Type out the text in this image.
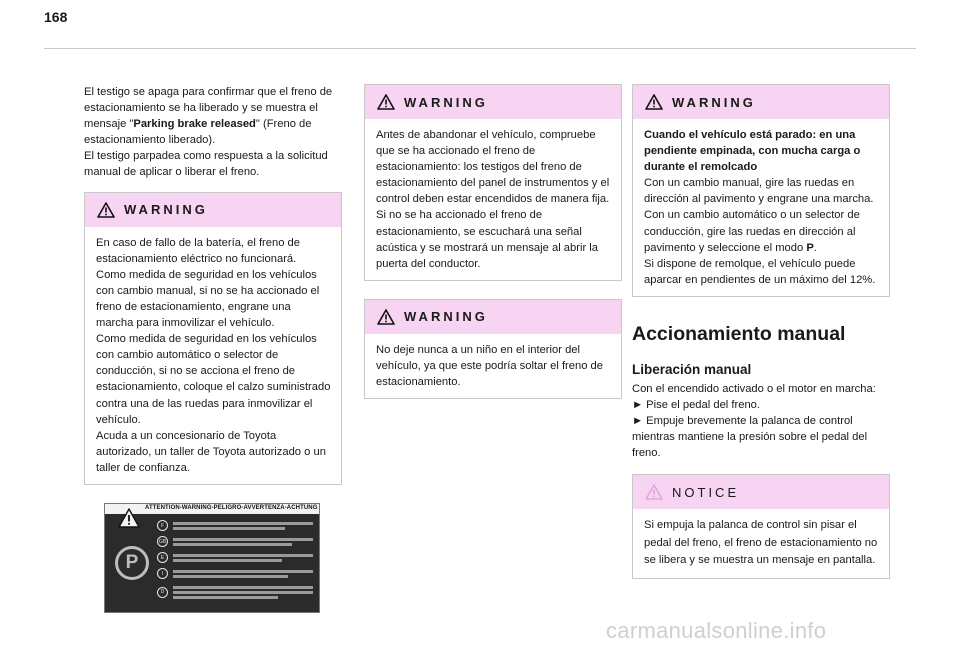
168

El testigo se apaga para confirmar que el freno de estacionamiento se ha liberado y se muestra el mensaje "Parking brake released" (Freno de estacionamiento liberado).
El testigo parpadea como respuesta a la solicitud manual de aplicar o liberar el freno.

WARNING
En caso de fallo de la batería, el freno de estacionamiento eléctrico no funcionará.
Como medida de seguridad en los vehículos con cambio manual, si no se ha accionado el freno de estacionamiento, engrane una marcha para inmovilizar el vehículo.
Como medida de seguridad en los vehículos con cambio automático o selector de conducción, si no se acciona el freno de estacionamiento, coloque el calzo suministrado contra una de las ruedas para inmovilizar el vehículo.
Acuda a un concesionario de Toyota autorizado, un taller de Toyota autorizado o un taller de confianza.
ATTENTION-WARNING-PELIGRO-AVVERTENZA-ACHTUNG
P
F
GB
E
I
D
WARNING
Antes de abandonar el vehículo, compruebe que se ha accionado el freno de estacionamiento: los testigos del freno de estacionamiento del panel de instrumentos y el control deben estar encendidos de manera fija.
Si no se ha accionado el freno de estacionamiento, se escuchará una señal acústica y se mostrará un mensaje al abrir la puerta del conductor.
WARNING
No deje nunca a un niño en el interior del vehículo, ya que este podría soltar el freno de estacionamiento.
WARNING
Cuando el vehículo está parado: en una pendiente empinada, con mucha carga o durante el remolcado
Con un cambio manual, gire las ruedas en dirección al pavimento y engrane una marcha.
Con un cambio automático o un selector de conducción, gire las ruedas en dirección al pavimento y seleccione el modo P.
Si dispone de remolque, el vehículo puede aparcar en pendientes de un máximo del 12%.
Accionamiento manual
Liberación manual

Con el encendido activado o el motor en marcha:

► Pise el pedal del freno.

► Empuje brevemente la palanca de control mientras mantiene la presión sobre el pedal del freno.

NOTICE
Si empuja la palanca de control sin pisar el pedal del freno, el freno de estacionamiento no se libera y se muestra un mensaje en pantalla.
carmanualsonline.info
